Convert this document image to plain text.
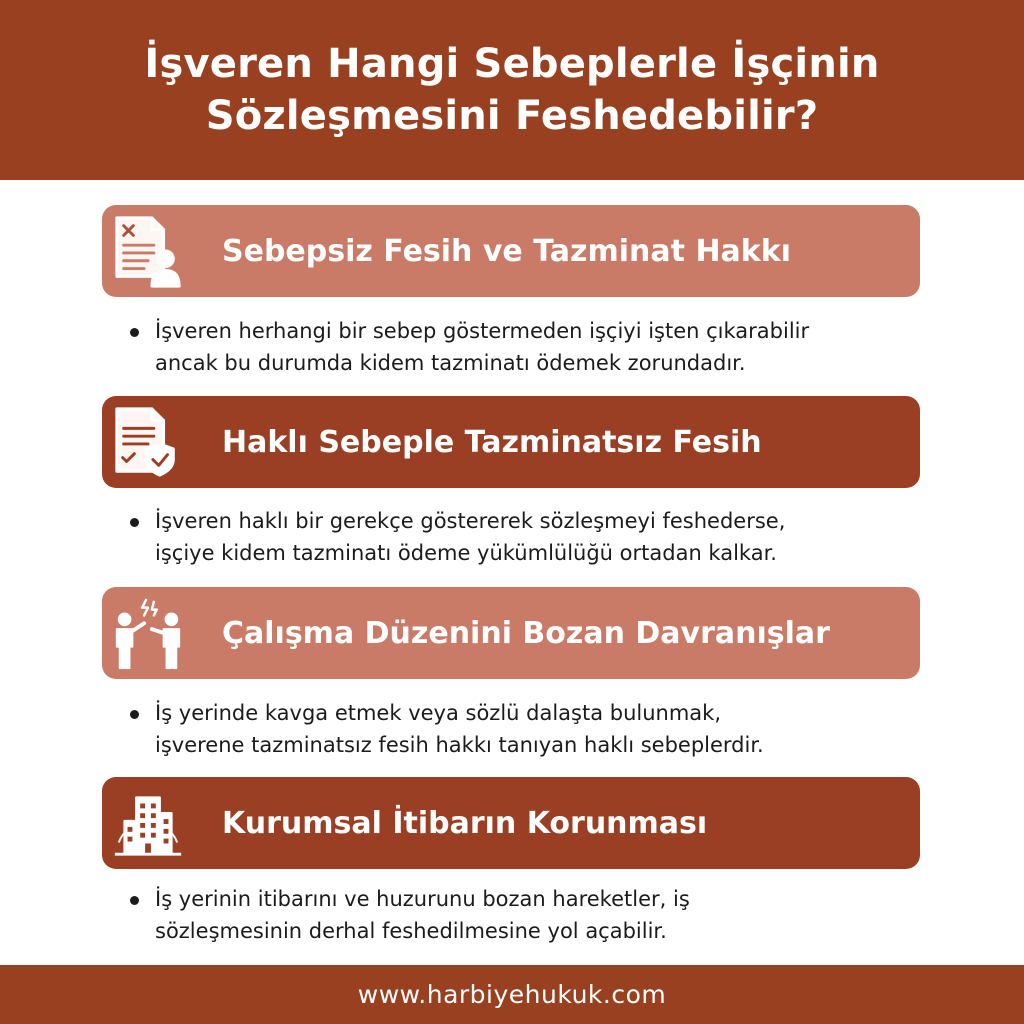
İşveren Hangi Sebeplerle İşçinin
Sözleşmesini Feshedebilir?
Sebepsiz Fesih ve Tazminat Hakkı
İşveren herhangi bir sebep göstermeden işçiyi işten çıkarabilir
ancak bu durumda kidem tazminatı ödemek zorundadır.
Haklı Sebeple Tazminatsız Fesih
İşveren haklı bir gerekçe göstererek sözleşmeyi feshederse,
işçiye kidem tazminatı ödeme yükümlülüğü ortadan kalkar.
Çalışma Düzenini Bozan Davranışlar
İş yerinde kavga etmek veya sözlü dalaşta bulunmak,
işverene tazminatsız fesih hakkı tanıyan haklı sebeplerdir.
Kurumsal İtibarın Korunması
İş yerinin itibarını ve huzurunu bozan hareketler, iş
sözleşmesinin derhal feshedilmesine yol açabilir.
www.harbiyehukuk.com
